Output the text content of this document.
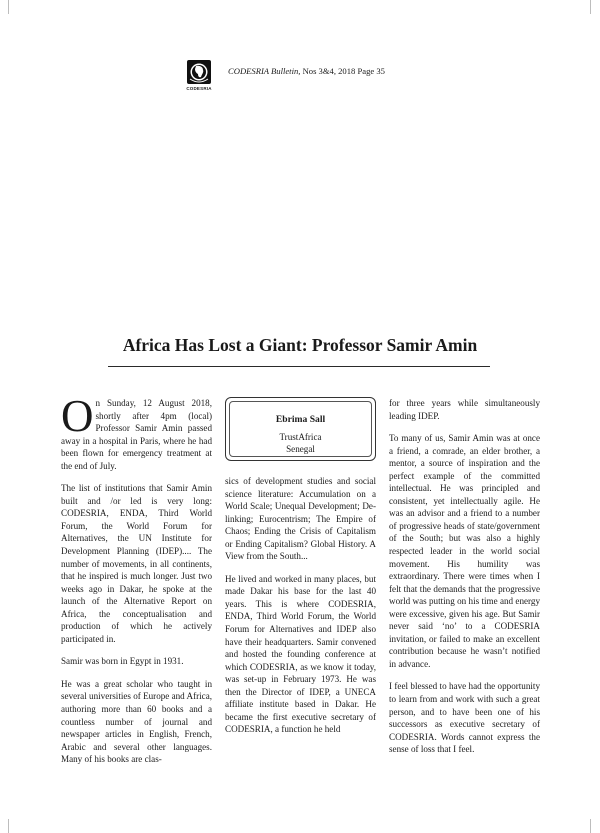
CODESRIA
CODESRIA Bulletin, Nos 3&4, 2018 Page 35
Africa Has Lost a Giant: Professor Samir Amin

On Sunday, 12 August 2018, shortly after 4pm (local) Professor Samir Amin passed away in a hospital in Paris, where he had been flown for emergency treatment at the end of July.

The list of institutions that Samir Amin built and /or led is very long: CODESRIA, ENDA, Third World Forum, the World Forum for Alternatives, the UN Institute for Development Planning (IDEP).... The number of movements, in all continents, that he inspired is much longer. Just two weeks ago in Dakar, he spoke at the launch of the Alternative Report on Africa, the conceptualisation and production of which he actively participated in.

Samir was born in Egypt in 1931.

He was a great scholar who taught in several universities of Europe and Africa, authoring more than 60 books and a countless number of journal and newspaper articles in English, French, Arabic and several other languages. Many of his books are clas-

Ebrima Sall
TrustAfrica
Senegal

sics of development studies and social science literature: Accumulation on a World Scale; Unequal Development; De-linking; Eurocentrism; The Empire of Chaos; Ending the Crisis of Capitalism or Ending Capitalism? Global History. A View from the South...

He lived and worked in many places, but made Dakar his base for the last 40 years. This is where CODESRIA, ENDA, Third World Forum, the World Forum for Alternatives and IDEP also have their headquarters. Samir convened and hosted the founding conference at which CODESRIA, as we know it today, was set-up in February 1973. He was then the Director of IDEP, a UNECA affiliate institute based in Dakar. He became the first executive secretary of CODESRIA, a function he held

for three years while simultaneously leading IDEP.

To many of us, Samir Amin was at once a friend, a comrade, an elder brother, a mentor, a source of inspiration and the perfect example of the committed intellectual. He was principled and consistent, yet intellectually agile. He was an advisor and a friend to a number of progressive heads of state/government of the South; but was also a highly respected leader in the world social movement. His humility was extraordinary. There were times when I felt that the demands that the progressive world was putting on his time and energy were excessive, given his age. But Samir never said ‘no’ to a CODESRIA invitation, or failed to make an excellent contribution because he wasn’t notified in advance.

I feel blessed to have had the opportunity to learn from and work with such a great person, and to have been one of his successors as executive secretary of CODESRIA. Words cannot express the sense of loss that I feel.
